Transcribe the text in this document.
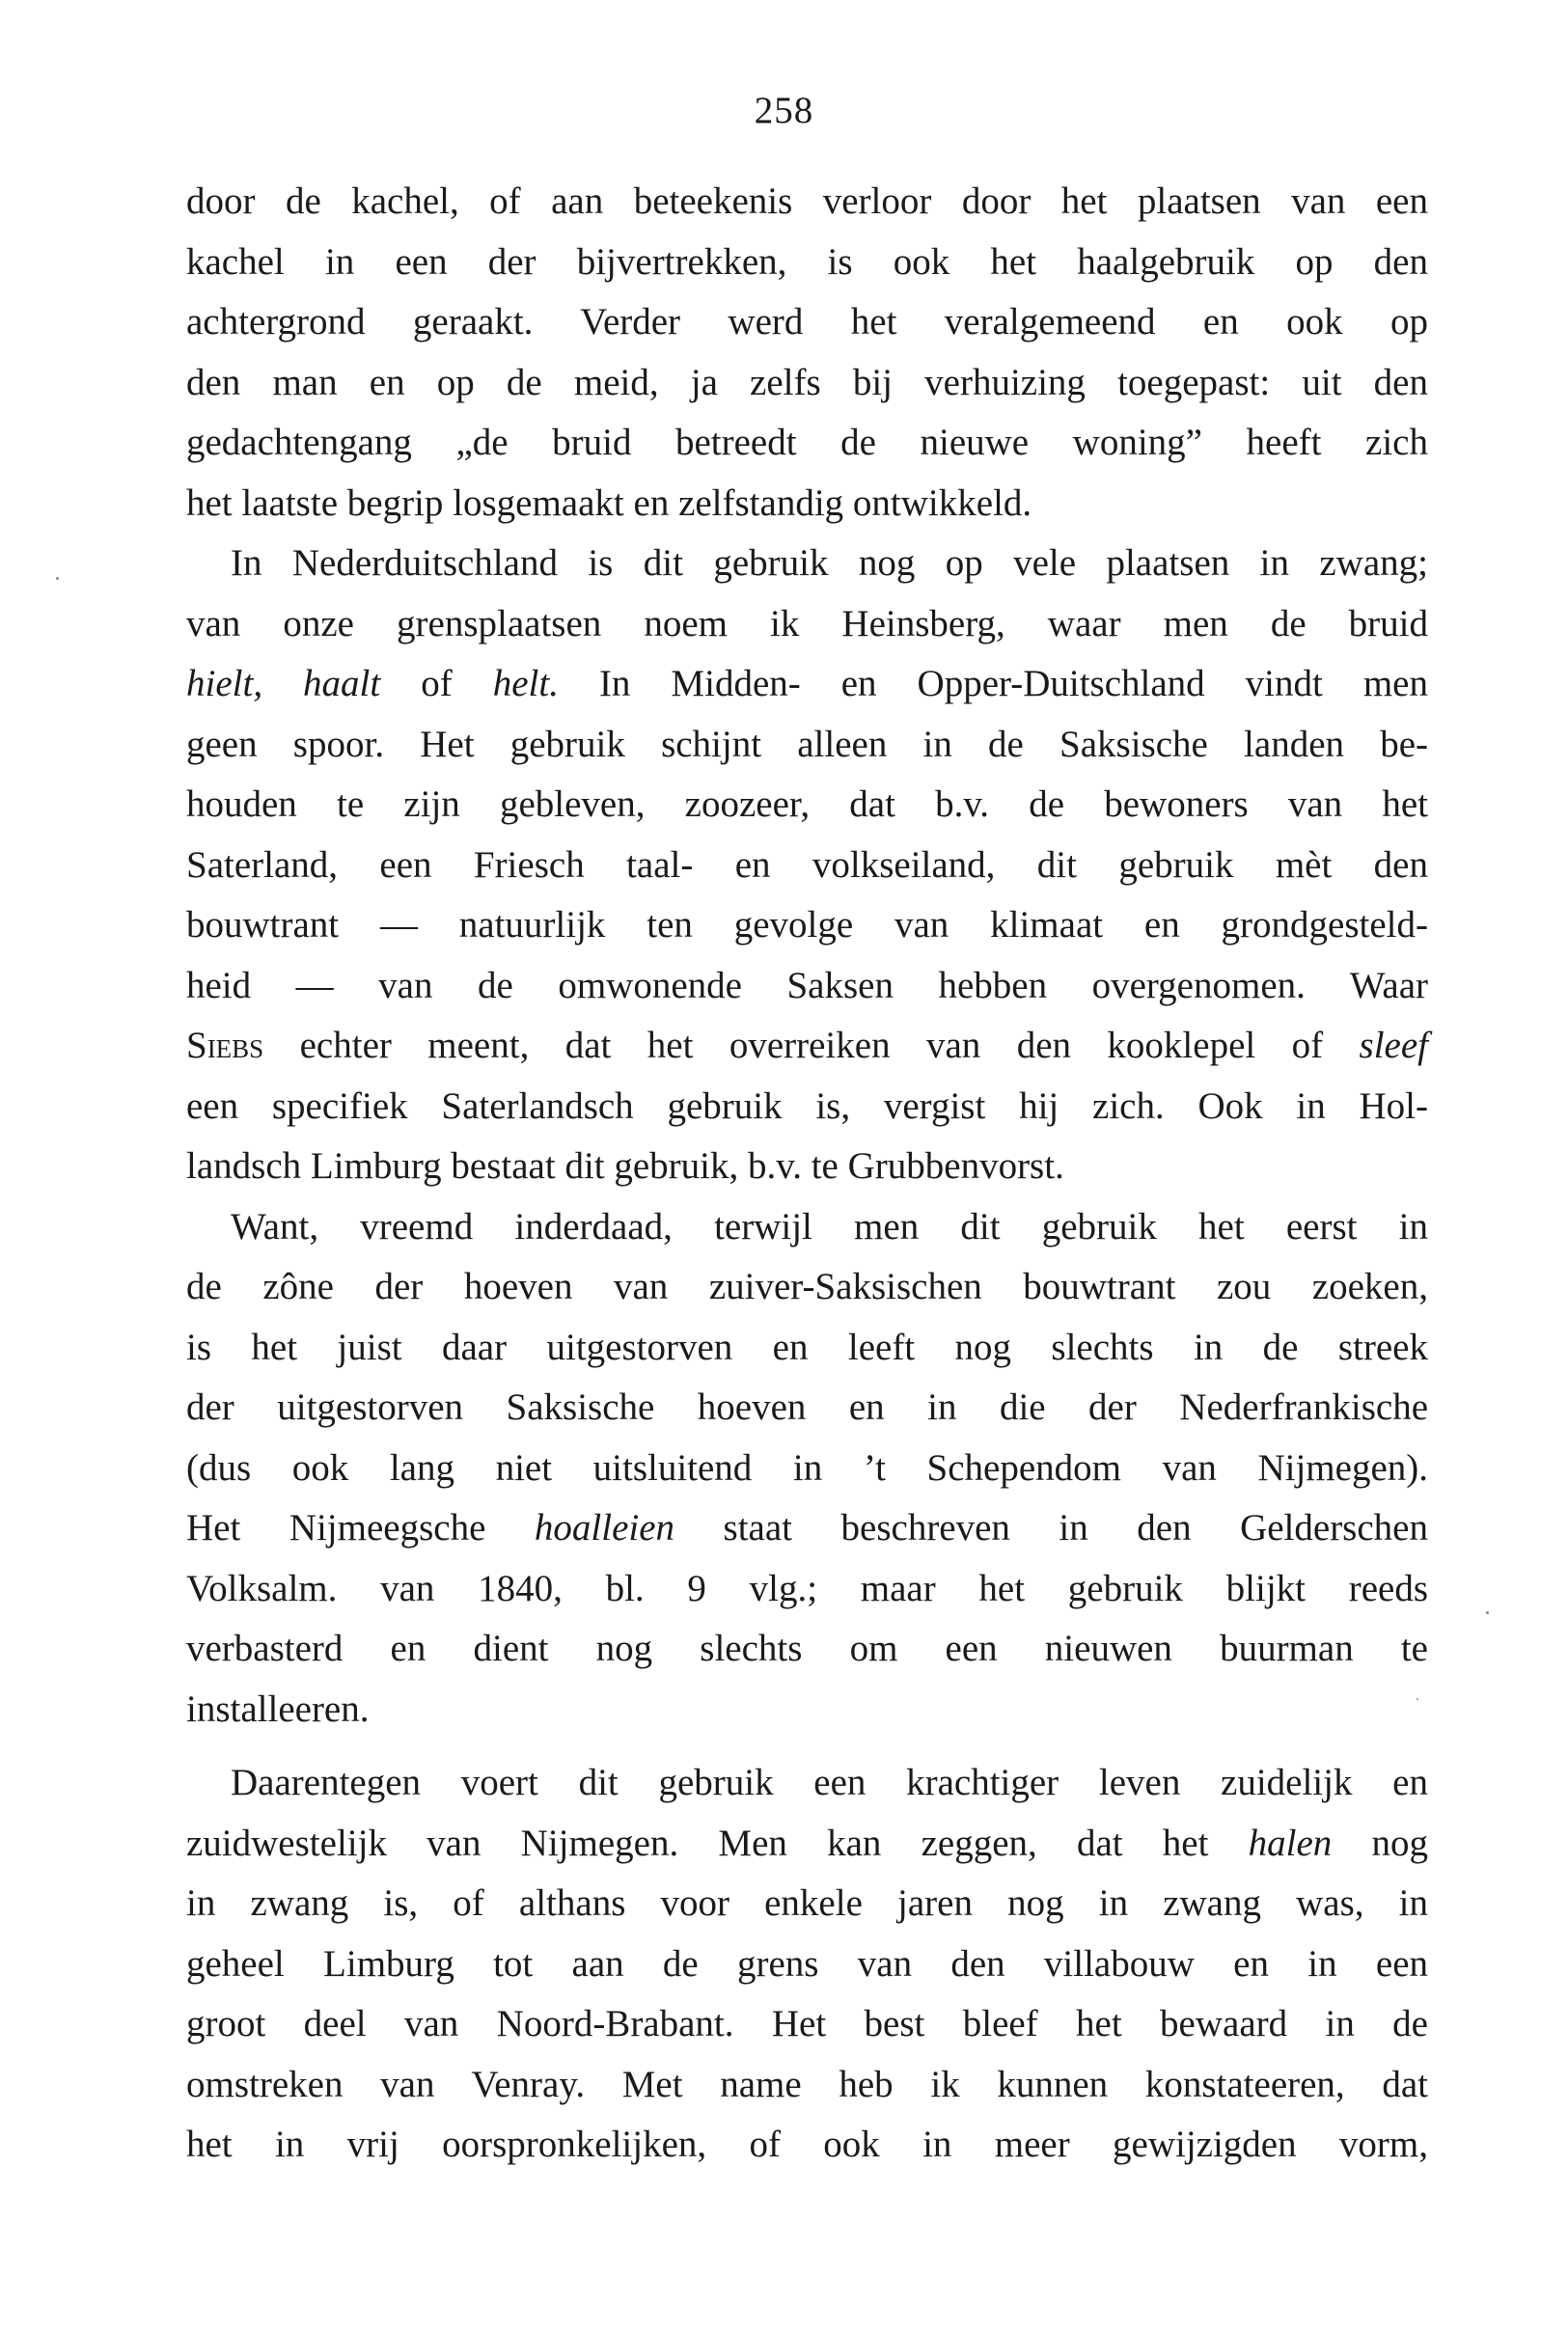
258
door de kachel, of aan beteekenis verloor door het plaatsen van een
kachel in een der bijvertrekken, is ook het haalgebruik op den
achtergrond geraakt. Verder werd het veralgemeend en ook op
den man en op de meid, ja zelfs bij verhuizing toegepast: uit den
gedachtengang „de bruid betreedt de nieuwe woning” heeft zich
het laatste begrip losgemaakt en zelfstandig ontwikkeld.
In Nederduitschland is dit gebruik nog op vele plaatsen in zwang;
van onze grensplaatsen noem ik Heinsberg, waar men de bruid
hielt, haalt of helt. In Midden- en Opper-Duitschland vindt men
geen spoor. Het gebruik schijnt alleen in de Saksische landen be-
houden te zijn gebleven, zoozeer, dat b.v. de bewoners van het
Saterland, een Friesch taal- en volkseiland, dit gebruik mèt den
bouwtrant — natuurlijk ten gevolge van klimaat en grondgesteld-
heid — van de omwonende Saksen hebben overgenomen. Waar
Siebs echter meent, dat het overreiken van den kooklepel of sleef
een specifiek Saterlandsch gebruik is, vergist hij zich. Ook in Hol-
landsch Limburg bestaat dit gebruik, b.v. te Grubbenvorst.
Want, vreemd inderdaad, terwijl men dit gebruik het eerst in
de zône der hoeven van zuiver-Saksischen bouwtrant zou zoeken,
is het juist daar uitgestorven en leeft nog slechts in de streek
der uitgestorven Saksische hoeven en in die der Nederfrankische
(dus ook lang niet uitsluitend in ’t Schependom van Nijmegen).
Het Nijmeegsche hoalleien staat beschreven in den Gelderschen
Volksalm. van 1840, bl. 9 vlg.; maar het gebruik blijkt reeds
verbasterd en dient nog slechts om een nieuwen buurman te
installeeren.
Daarentegen voert dit gebruik een krachtiger leven zuidelijk en
zuidwestelijk van Nijmegen. Men kan zeggen, dat het halen nog
in zwang is, of althans voor enkele jaren nog in zwang was, in
geheel Limburg tot aan de grens van den villabouw en in een
groot deel van Noord-Brabant. Het best bleef het bewaard in de
omstreken van Venray. Met name heb ik kunnen konstateeren, dat
het in vrij oorspronkelijken, of ook in meer gewijzigden vorm,
